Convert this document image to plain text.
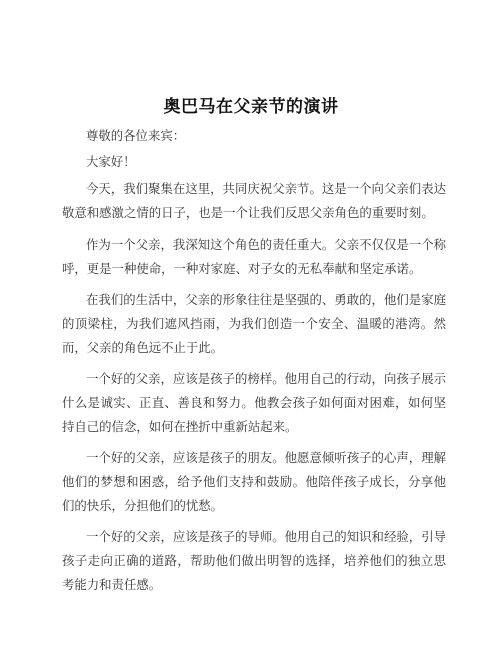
奥巴马在父亲节的演讲

尊敬的各位来宾：

大家好！

今天，我们聚集在这里，共同庆祝父亲节。这是一个向父亲们表达敬意和感激之情的日子，也是一个让我们反思父亲角色的重要时刻。

作为一个父亲，我深知这个角色的责任重大。父亲不仅仅是一个称呼，更是一种使命，一种对家庭、对子女的无私奉献和坚定承诺。

在我们的生活中，父亲的形象往往是坚强的、勇敢的，他们是家庭的顶梁柱，为我们遮风挡雨，为我们创造一个安全、温暖的港湾。然而，父亲的角色远不止于此。

一个好的父亲，应该是孩子的榜样。他用自己的行动，向孩子展示什么是诚实、正直、善良和努力。他教会孩子如何面对困难，如何坚持自己的信念，如何在挫折中重新站起来。

一个好的父亲，应该是孩子的朋友。他愿意倾听孩子的心声，理解他们的梦想和困惑，给予他们支持和鼓励。他陪伴孩子成长，分享他们的快乐，分担他们的忧愁。

一个好的父亲，应该是孩子的导师。他用自己的知识和经验，引导孩子走向正确的道路，帮助他们做出明智的选择，培养他们的独立思考能力和责任感。
